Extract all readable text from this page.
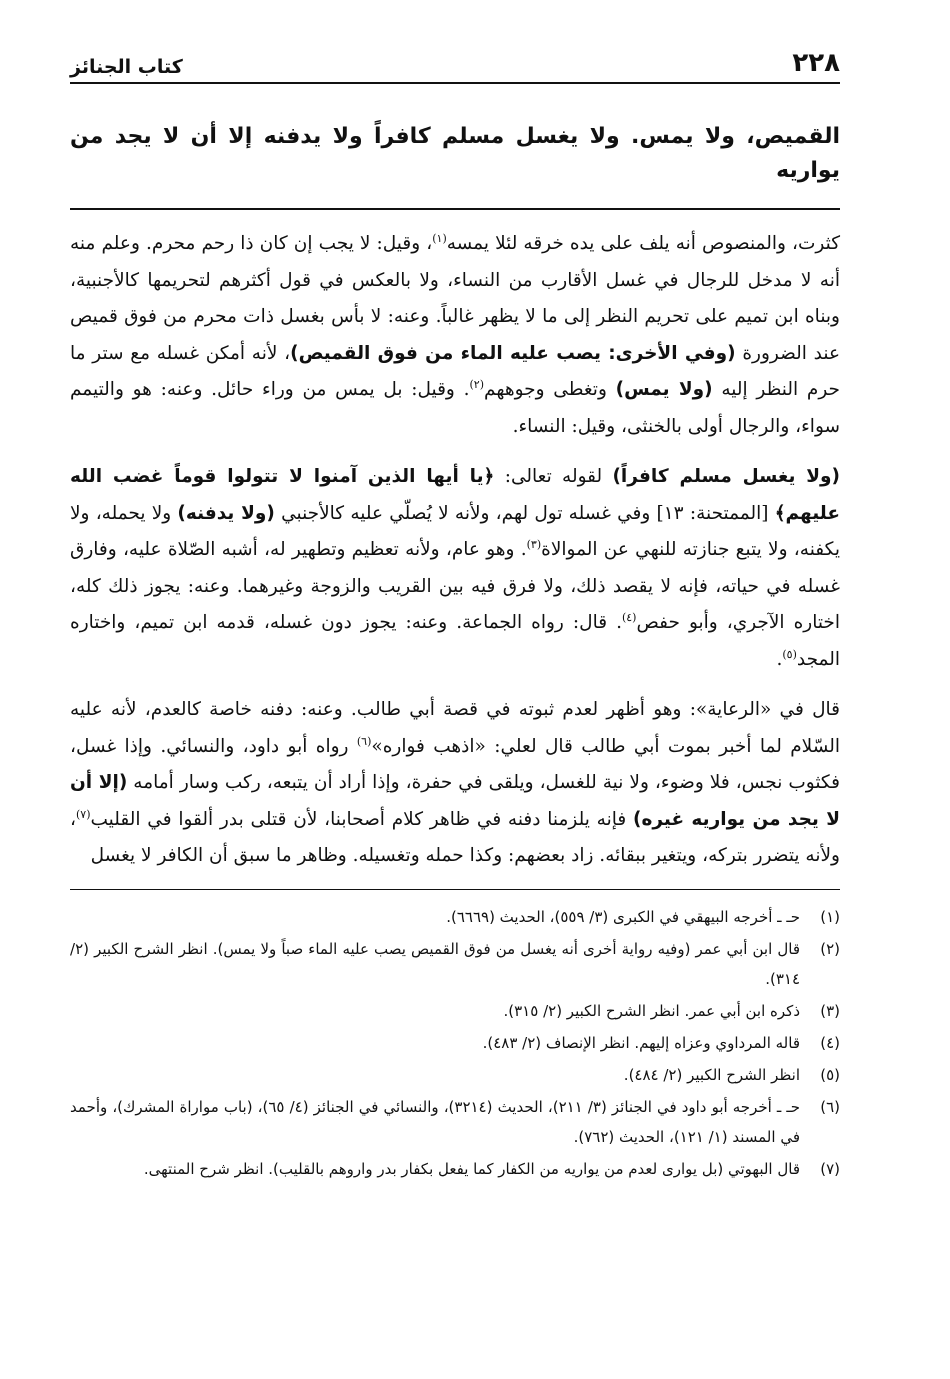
٢٢٨
كتاب الجنائز
القميص، ولا يمس. ولا يغسل مسلم كافراً ولا يدفنه إلا أن لا يجد من يواريه

كثرت، والمنصوص أنه يلف على يده خرقه لئلا يمسه$^{(١)}$، وقيل: لا يجب إن كان ذا رحم محرم. وعلم منه أنه لا مدخل للرجال في غسل الأقارب من النساء، ولا بالعكس في قول أكثرهم لتحريمها كالأجنبية، وبناه ابن تميم على تحريم النظر إلى ما لا يظهر غالباً. وعنه: لا بأس بغسل ذات محرم من فوق قميص عند الضرورة (وفي الأخرى: يصب عليه الماء من فوق القميص)، لأنه أمكن غسله مع ستر ما حرم النظر إليه (ولا يمس) وتغطى وجوههم$^{(٢)}$. وقيل: بل يمس من وراء حائل. وعنه: هو والتيمم سواء، والرجال أولى بالخنثى، وقيل: النساء.

(ولا يغسل مسلم كافراً) لقوله تعالى: ﴿يا أيها الذين آمنوا لا تتولوا قوماً غضب الله عليهم﴾ [الممتحنة: ١٣] وفي غسله تول لهم، ولأنه لا يُصلّي عليه كالأجنبي (ولا يدفنه) ولا يحمله، ولا يكفنه، ولا يتبع جنازته للنهي عن الموالاة$^{(٣)}$. وهو عام، ولأنه تعظيم وتطهير له، أشبه الصّلاة عليه، وفارق غسله في حياته، فإنه لا يقصد ذلك، ولا فرق فيه بين القريب والزوجة وغيرهما. وعنه: يجوز ذلك كله، اختاره الآجري، وأبو حفص$^{(٤)}$. قال: رواه الجماعة. وعنه: يجوز دون غسله، قدمه ابن تميم، واختاره المجد$^{(٥)}$.

قال في «الرعاية»: وهو أظهر لعدم ثبوته في قصة أبي طالب. وعنه: دفنه خاصة كالعدم، لأنه عليه السّلام لما أخبر بموت أبي طالب قال لعلي: «اذهب فواره»$^{(٦)}$ رواه أبو داود، والنسائي. وإذا غسل، فكثوب نجس، فلا وضوء، ولا نية للغسل، ويلقى في حفرة، وإذا أراد أن يتبعه، ركب وسار أمامه (إلا أن لا يجد من يواريه غيره) فإنه يلزمنا دفنه في ظاهر كلام أصحابنا، لأن قتلى بدر ألقوا في القليب$^{(٧)}$، ولأنه يتضرر بتركه، ويتغير ببقائه. زاد بعضهم: وكذا حمله وتغسيله. وظاهر ما سبق أن الكافر لا يغسل

(١)
حـ ـ أخرجه البيهقي في الكبرى (٣/ ٥٥٩)، الحديث (٦٦٦٩).
(٢)
قال ابن أبي عمر (وفيه رواية أخرى أنه يغسل من فوق القميص يصب عليه الماء صباً ولا يمس). انظر الشرح الكبير (٢/ ٣١٤).
(٣)
ذكره ابن أبي عمر. انظر الشرح الكبير (٢/ ٣١٥).
(٤)
قاله المرداوي وعزاه إليهم. انظر الإنصاف (٢/ ٤٨٣).
(٥)
انظر الشرح الكبير (٢/ ٤٨٤).
(٦)
حـ ـ أخرجه أبو داود في الجنائز (٣/ ٢١١)، الحديث (٣٢١٤)، والنسائي في الجنائز (٤/ ٦٥)، (باب مواراة المشرك)، وأحمد في المسند (١/ ١٢١)، الحديث (٧٦٢).
(٧)
قال البهوتي (بل يوارى لعدم من يواريه من الكفار كما يفعل بكفار بدر واروهم بالقليب). انظر شرح المنتهى.
